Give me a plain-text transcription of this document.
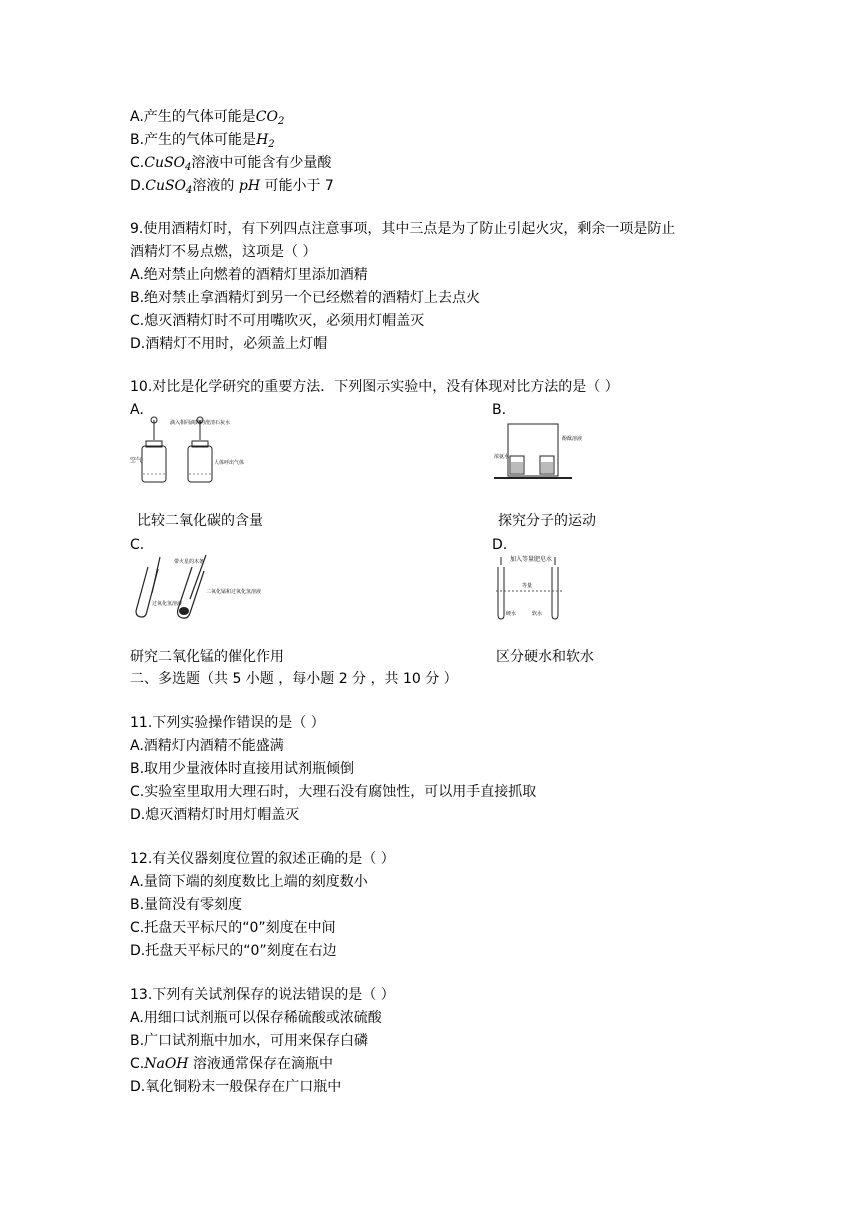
A.产生的气体可能是$CO_2$
B.产生的气体可能是$H_2$
C.CuSO$_4$溶液中可能含有少量酸
D.CuSO$_4$溶液的 pH 可能小于 7
9.使用酒精灯时，有下列四点注意事项，其中三点是为了防止引起火灾，剩余一项是防止
酒精灯不易点燃，这项是（ ）
A.绝对禁止向燃着的酒精灯里添加酒精
B.绝对禁止拿酒精灯到另一个已经燃着的酒精灯上去点火
C.熄灭酒精灯时不可用嘴吹灭，必须用灯帽盖灭
D.酒精灯不用时，必须盖上灯帽
10.对比是化学研究的重要方法．下列图示实验中，没有体现对比方法的是（ ）
A.	B.
滴入相同滴数的澄清石灰水
空气	人体呼出气体
浓氨水
酚酞溶液
比较二氧化碳的含量	探究分子的运动
C.	D.
带火星的木条
过氧化氢溶液
二氧化锰和过氧化氢溶液
加入等量肥皂水
等量
硬水	软水
研究二氧化锰的催化作用	区分硬水和软水
二、多选题（共 5 小题 ，每小题 2 分 ，共 10 分 ）
11.下列实验操作错误的是（ ）
A.酒精灯内酒精不能盛满
B.取用少量液体时直接用试剂瓶倾倒
C.实验室里取用大理石时，大理石没有腐蚀性，可以用手直接抓取
D.熄灭酒精灯时用灯帽盖灭
12.有关仪器刻度位置的叙述正确的是（ ）
A.量筒下端的刻度数比上端的刻度数小
B.量筒没有零刻度
C.托盘天平标尺的“0”刻度在中间
D.托盘天平标尺的“0”刻度在右边
13.下列有关试剂保存的说法错误的是（ ）
A.用细口试剂瓶可以保存稀硫酸或浓硫酸
B.广口试剂瓶中加水，可用来保存白磷
C.NaOH 溶液通常保存在滴瓶中
D.氧化铜粉末一般保存在广口瓶中
